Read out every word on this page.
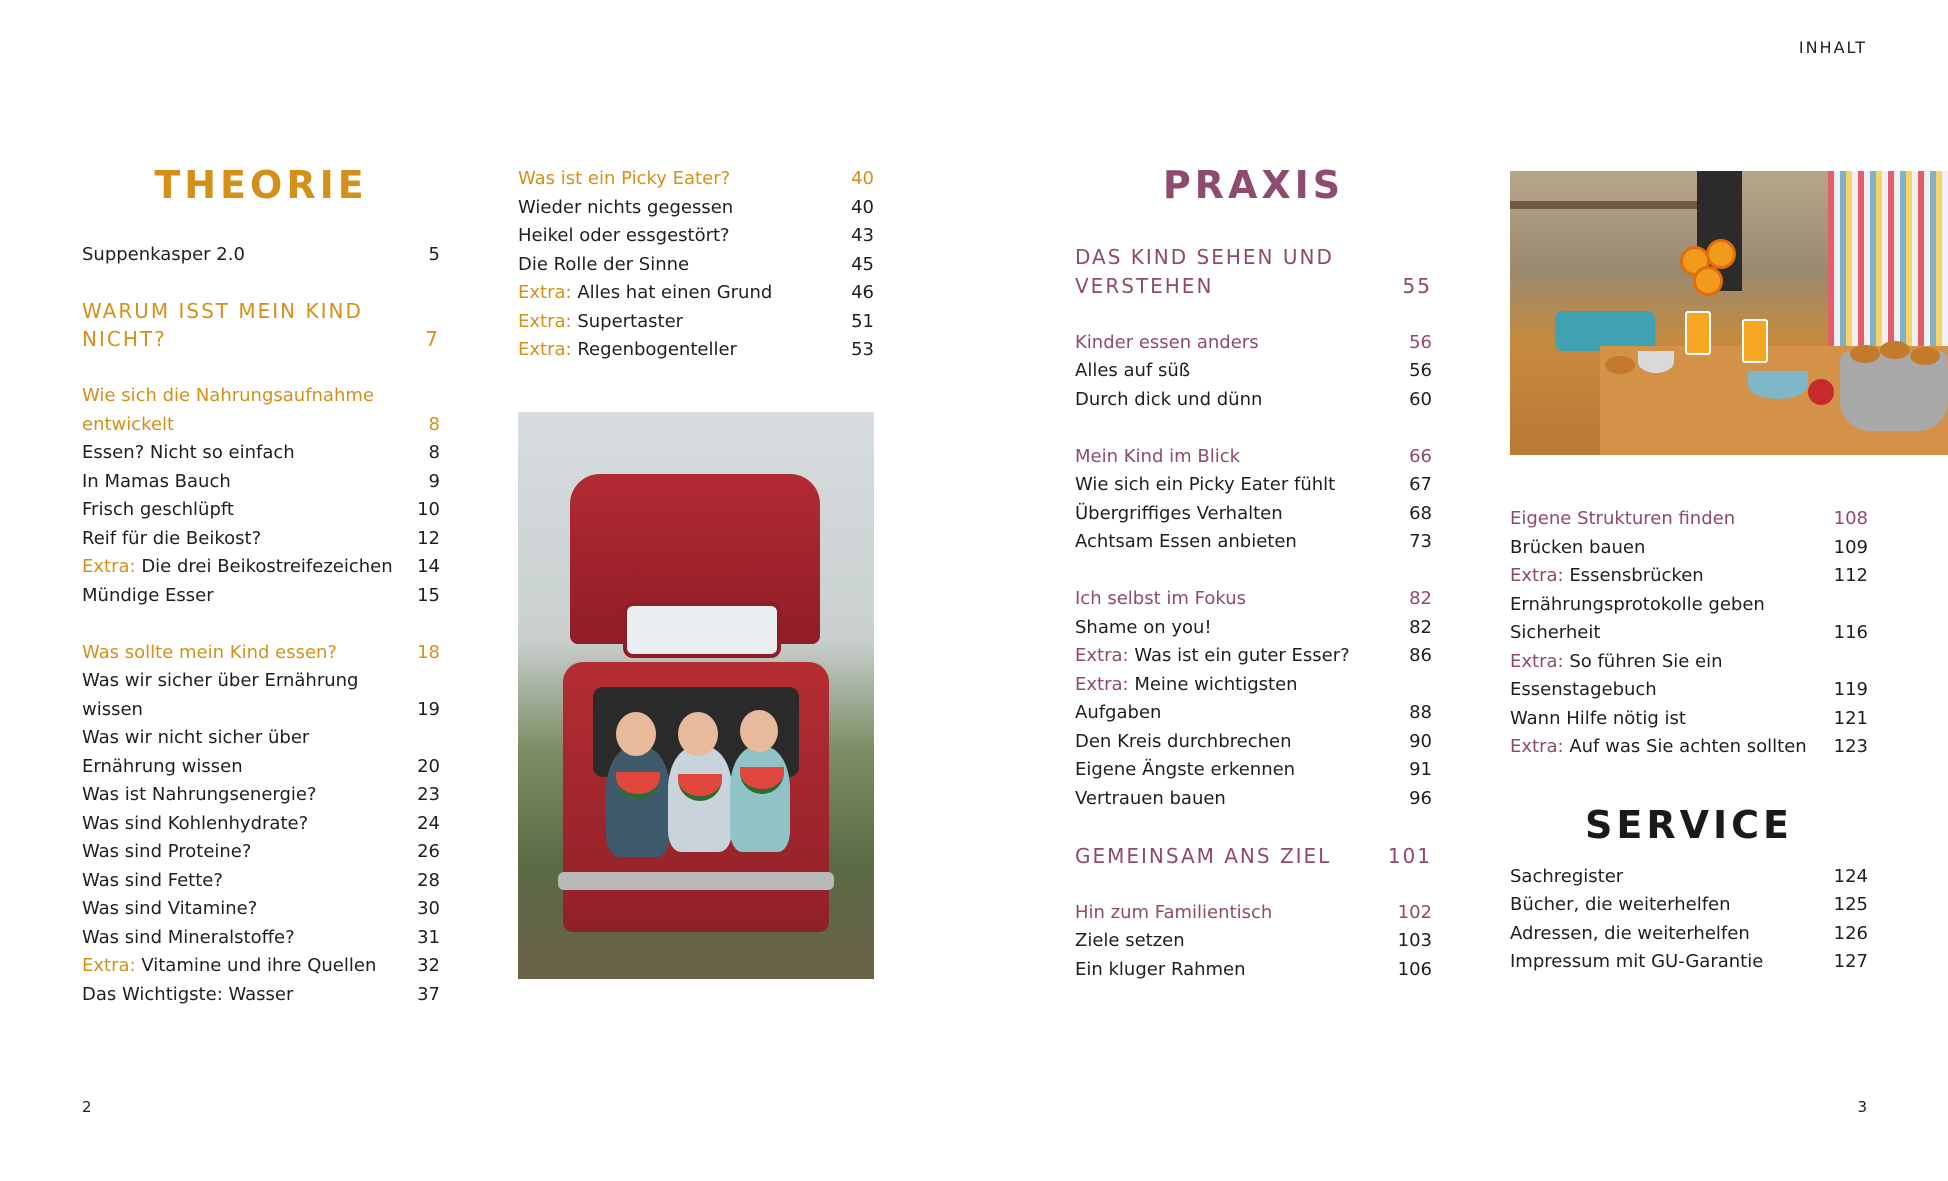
INHALT
THEORIE
Suppenkasper 2.0	5
WARUM ISST MEIN KIND
NICHT?	7
Wie sich die Nahrungsaufnahme
entwickelt	8
Essen? Nicht so einfach	8
In Mamas Bauch	9
Frisch geschlüpft	10
Reif für die Beikost?	12
Extra: Die drei Beikostreifezeichen	14
Mündige Esser	15
Was sollte mein Kind essen?	18
Was wir sicher über Ernährung wissen	19
Was wir nicht sicher über
Ernährung wissen	20
Was ist Nahrungsenergie?	23
Was sind Kohlenhydrate?	24
Was sind Proteine?	26
Was sind Fette?	28
Was sind Vitamine?	30
Was sind Mineralstoffe?	31
Extra: Vitamine und ihre Quellen	32
Das Wichtigste: Wasser	37
Was ist ein Picky Eater?	40
Wieder nichts gegessen	40
Heikel oder essgestört?	43
Die Rolle der Sinne	45
Extra: Alles hat einen Grund	46
Extra: Supertaster	51
Extra: Regenbogenteller	53
PRAXIS
DAS KIND SEHEN UND
VERSTEHEN	55
Kinder essen anders	56
Alles auf süß	56
Durch dick und dünn	60
Mein Kind im Blick	66
Wie sich ein Picky Eater fühlt	67
Übergriffiges Verhalten	68
Achtsam Essen anbieten	73
Ich selbst im Fokus	82
Shame on you!	82
Extra: Was ist ein guter Esser?	86
Extra: Meine wichtigsten
Aufgaben	88
Den Kreis durchbrechen	90
Eigene Ängste erkennen	91
Vertrauen bauen	96
GEMEINSAM ANS ZIEL	101
Hin zum Familientisch	102
Ziele setzen	103
Ein kluger Rahmen	106
Eigene Strukturen finden	108
Brücken bauen	109
Extra: Essensbrücken	112
Ernährungsprotokolle geben
Sicherheit	116
Extra: So führen Sie ein
Essenstagebuch	119
Wann Hilfe nötig ist	121
Extra: Auf was Sie achten sollten	123
SERVICE
Sachregister	124
Bücher, die weiterhelfen	125
Adressen, die weiterhelfen	126
Impressum mit GU-Garantie	127
2	3
